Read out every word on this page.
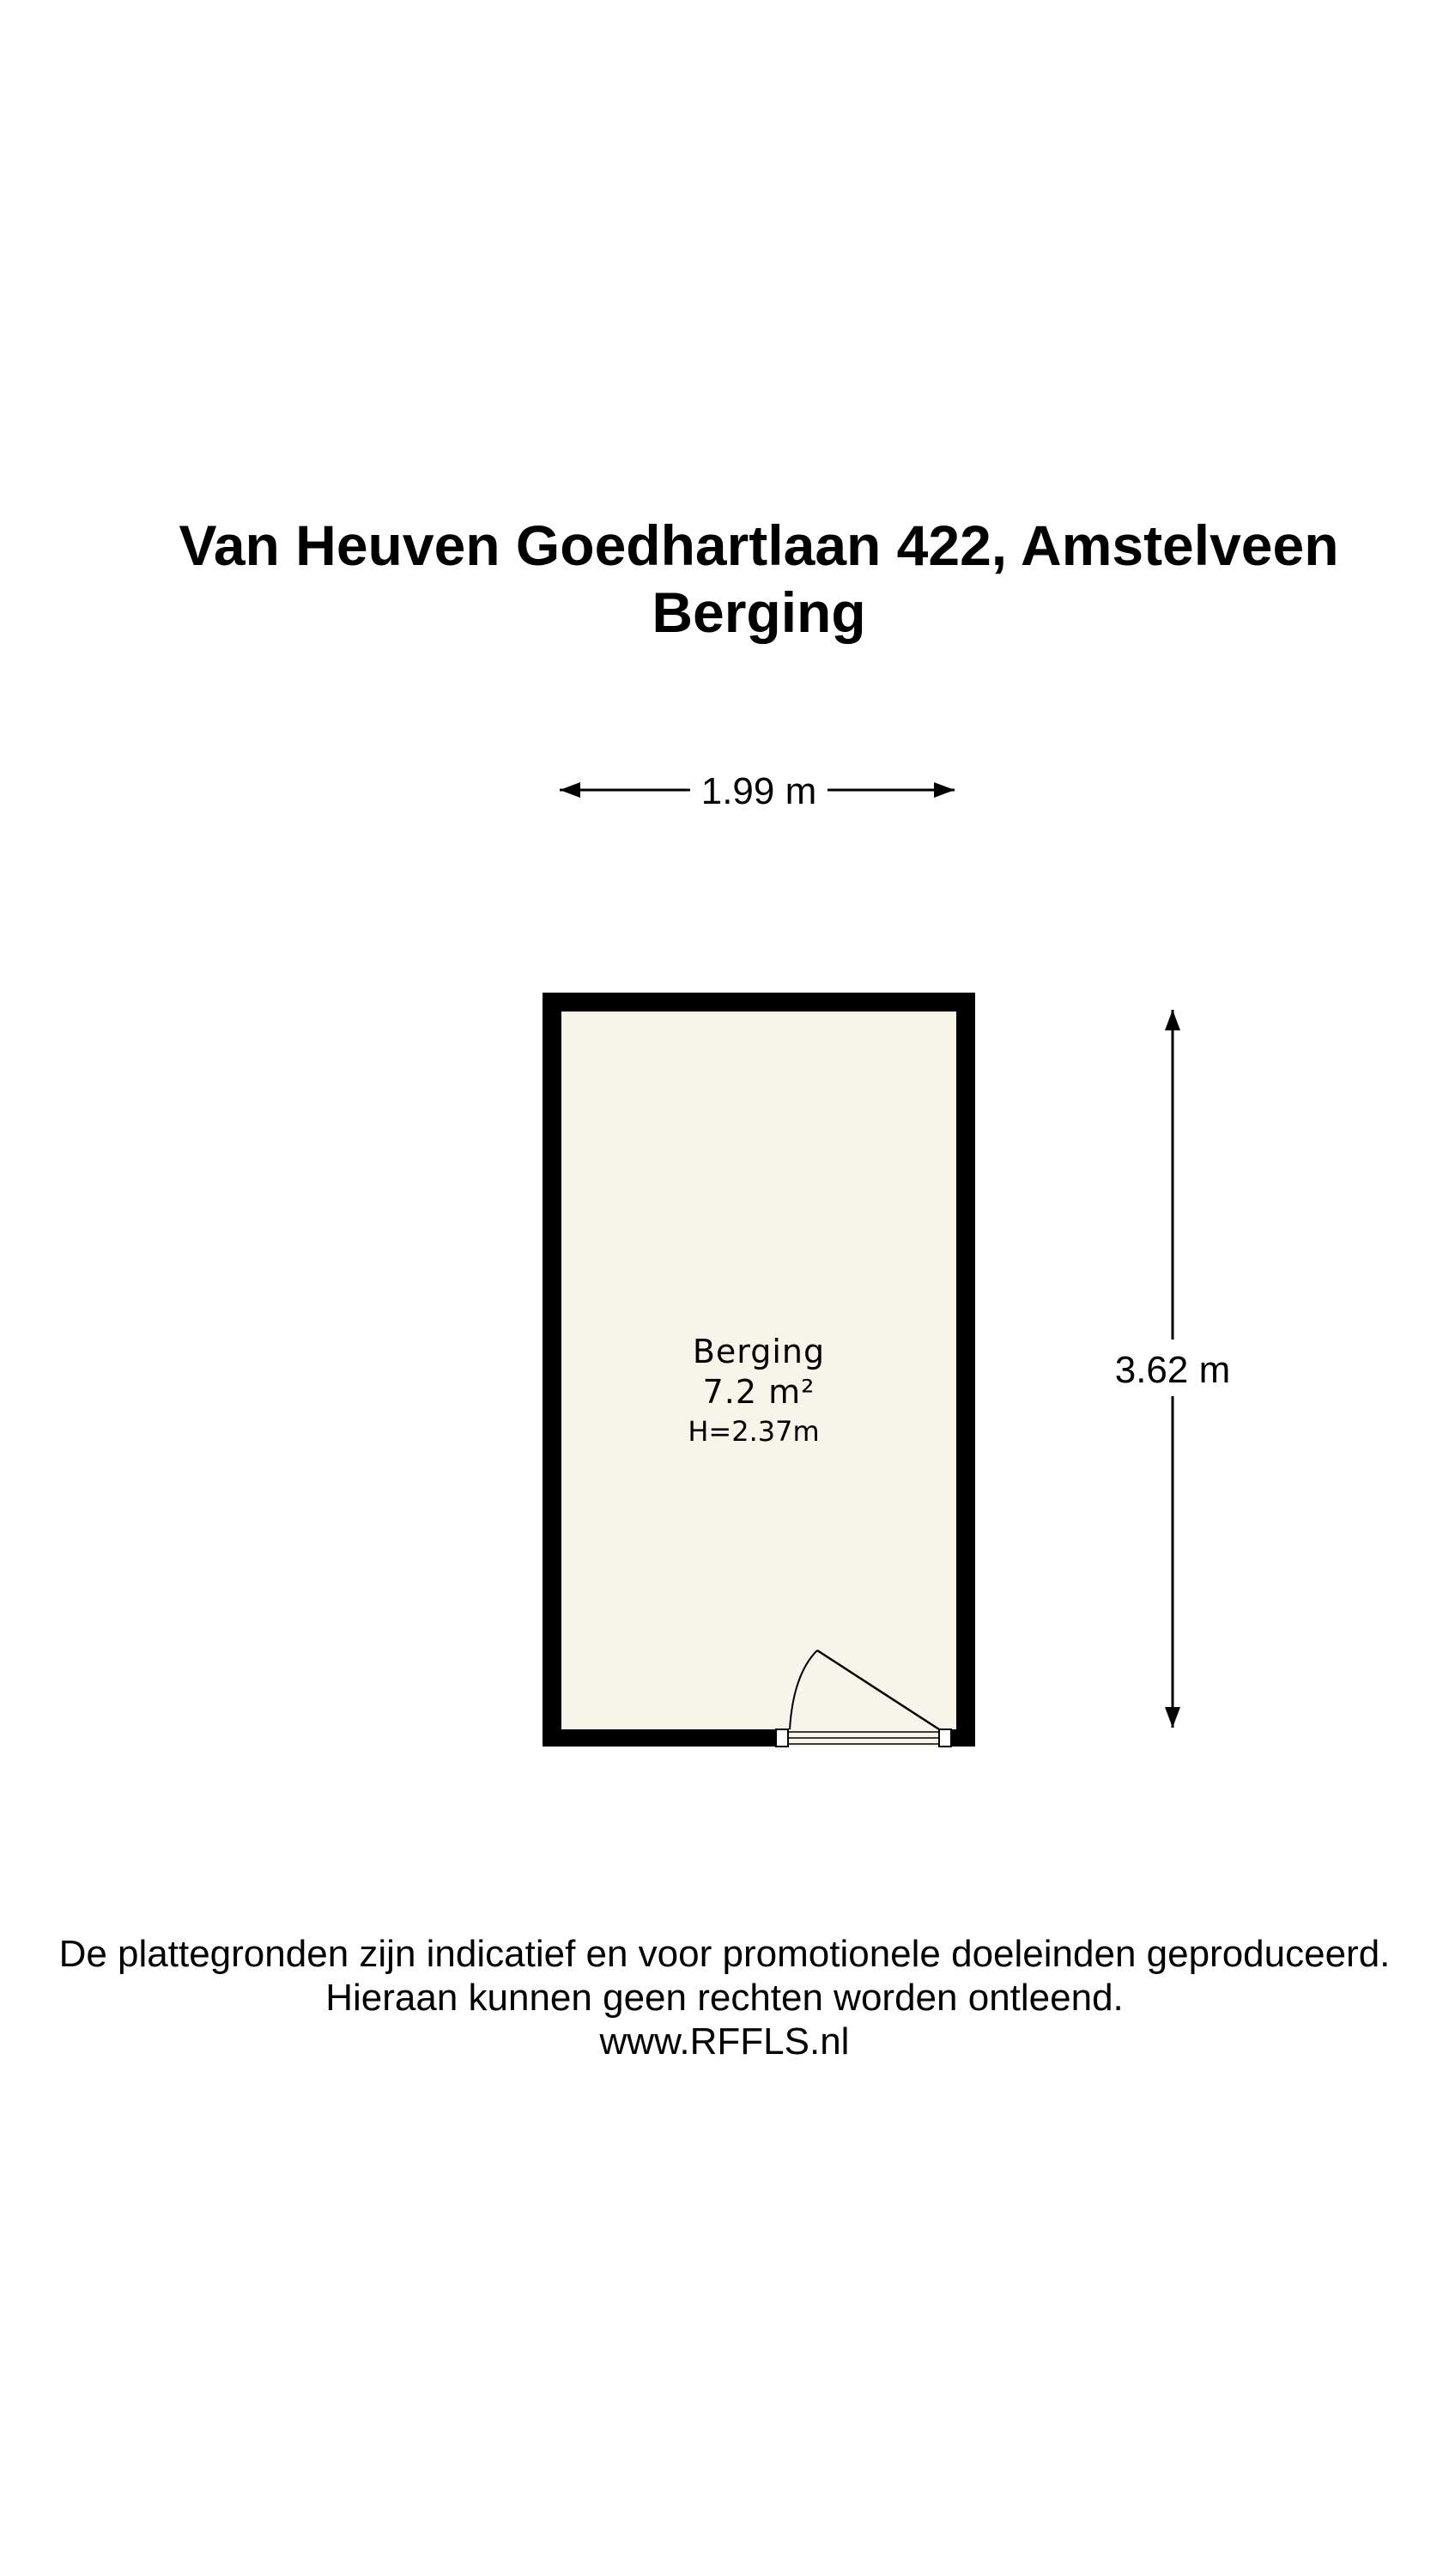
Van Heuven Goedhartlaan 422, Amstelveen
Berging
1.99 m
3.62 m
Berging
7.2 m²
H=2.37m

De plattegronden zijn indicatief en voor promotionele doeleinden geproduceerd.

Hieraan kunnen geen rechten worden ontleend.

www.RFFLS.nl
